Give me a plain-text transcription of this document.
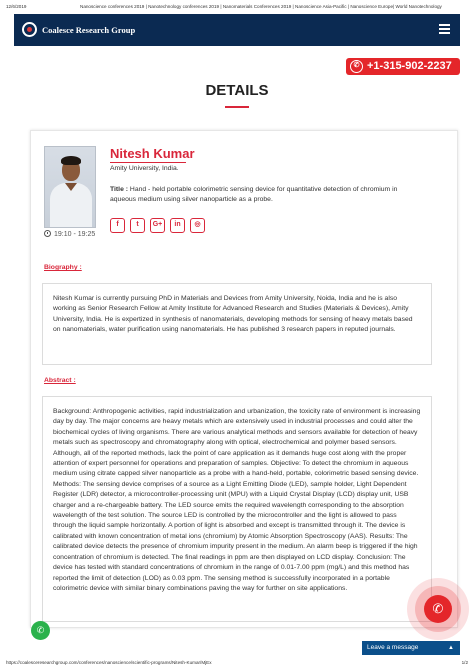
12/6/2019	Nanoscience conferences 2019 | Nanotechnology conferences 2019 | Nanomaterials Conferences 2019 | Nanoscience Asia-Pacific | Nanoscience Europe| World Nanotechnology
Coalesce Research Group
✆ +1-315-902-2237
DETAILS
19:10 - 19:25
Nitesh Kumar
Amity University, India.
Title : Hand - held portable colorimetric sensing device for quantitative detection of chromium in aqueous medium using silver nanoparticle as a probe.
f	t	G+	in	◎
Biography :

Nitesh Kumar is currently pursuing PhD in Materials and Devices from Amity University, Noida, India and he is also working as Senior Research Fellow at Amity Institute for Advanced Research and Studies (Materials & Devices), Amity University, India. He is expertized in synthesis of nanomaterials, developing methods for sensing of heavy metals based on nanomaterials, water purification using nanomaterials. He has published 3 research papers in reputed journals.

Abstract :

Background: Anthropogenic activities, rapid industrialization and urbanization, the toxicity rate of environment is increasing day by day. The major concerns are heavy metals which are extensively used in industrial processes and could alter the biochemical cycles of living organisms. There are various analytical methods and sensors available for detection of heavy metals such as spectroscopy and chromatography along with optical, electrochemical and polymer based sensors. Although, all of the reported methods, lack the point of care application as it demands huge cost along with the proper attention of expert personnel for operations and preparation of samples. Objective: To detect the chromium in aqueous medium using citrate capped silver nanoparticle as a probe with a hand-held, portable, colorimetric based sensing device. Methods: The sensing device comprises of a source as a Light Emitting Diode (LED), sample holder, Light Dependent Register (LDR) detector, a microcontroller-processing unit (MPU) with a Liquid Crystal Display (LCD) display unit, USB charger and a re-chargeable battery. The LED source emits the required wavelength corresponding to the absorption wavelength of the test solution. The source LED is controlled by the microcontroller and the light is allowed to pass through the liquid sample horizontally. A portion of light is absorbed and except is transmitted through it. The device is calibrated with known concentration of metal ions (chromium) by Atomic Absorption Spectroscopy (AAS). Results: The calibrated device detects the presence of chromium impurity present in the medium. An alarm beep is triggered if the high concentration of chromium is detected. The final readings in ppm are then displayed on LCD display. Conclusion: The device has tested with standard concentrations of chromium in the range of 0.01-7.00 ppm (mg/L) and this method has reported the limit of detection (LOD) as 0.03 ppm. The sensing method is successfully incorporated in a portable colorimetric device with similar binary combinations paving the way for further on site applications.

✆
✆
Leave a message	▲
https://coalesceresearchgroup.com/conferences/nanoscience/scientific-programs/Nitesh-Kumar/MjEx	1/2
